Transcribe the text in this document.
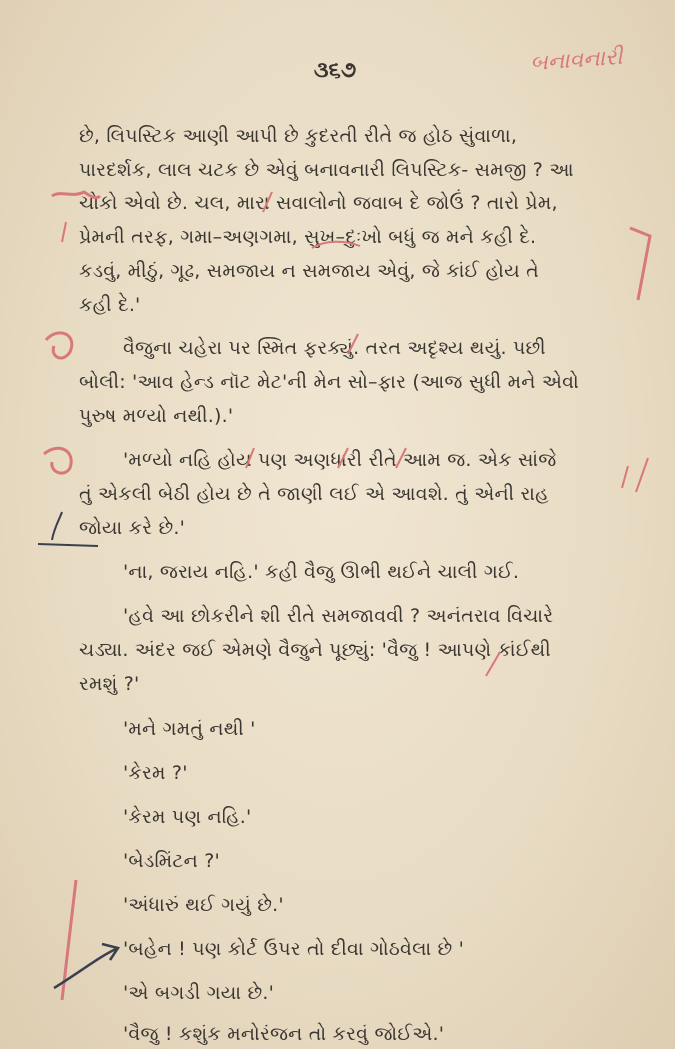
૩૬૭	બનાવનારી
છે, લિપસ્ટિક આણી આપી છે કુદરતી રીતે જ હોઠ સુંવાળા,
પારદર્શક, લાલ ચટક છે એવું બનાવનારી લિપસ્ટિક- સમજી ? આ
ચોકો એવો છે. ચલ, મારા સવાલોનો જવાબ દે જોઉં ? તારો પ્રેમ,
પ્રેમની તરફ, ગમા–અણગમા, સુખ–દુઃખો બધું જ મને કહી દે.
કડવું, મીઠું, ગૂઢ, સમજાય ન સમજાય એવું, જે કાંઈ હોય તે
કહી દે.'
વૈજુના ચહેરા પર સ્મિત ફરક્યું. તરત અદૃશ્ય થયું. પછી
બોલી: 'આવ હેન્ડ નૉટ મેટ'ની મેન સો–ફાર (આજ સુધી મને એવો
પુરુષ મળ્યો નથી.).'
'મળ્યો નહિ હોય પણ અણધારી રીતે આમ જ. એક સાંજે
તું એકલી બેઠી હોય છે તે જાણી લઈ એ આવશે. તું એની રાહ
જોયા કરે છે.'
'ના, જરાય નહિ.' કહી વૈજુ ઊભી થઈને ચાલી ગઈ.
'હવે આ છોકરીને શી રીતે સમજાવવી ? અનંતરાવ વિચારે
ચડ્યા. અંદર જઈ એમણે વૈજુને પૂછ્યું: 'વૈજુ ! આપણે કાંઈથી
રમશું ?'
'મને ગમતું નથી '
'કેરમ ?'
'કેરમ પણ નહિ.'
'બેડમિંટન ?'
'અંધારું થઈ ગયું છે.'
'બહેન ! પણ કોર્ટ ઉપર તો દીવા ગોઠવેલા છે '
'એ બગડી ગયા છે.'
'વૈજુ ! કશુંક મનોરંજન તો કરવું જોઈએ.'
